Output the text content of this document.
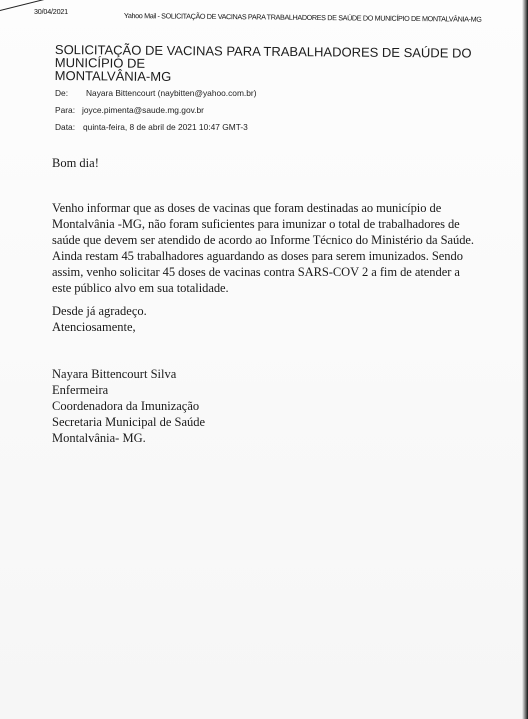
30/04/2021	Yahoo Mail - SOLICITAÇÃO DE VACINAS PARA TRABALHADORES DE SAÚDE DO MUNICÍPIO DE MONTALVÂNIA-MG
SOLICITAÇÃO DE VACINAS PARA TRABALHADORES DE SAÚDE DO MUNICÍPIO DE
MONTALVÂNIA-MG
De: Nayara Bittencourt (naybitten@yahoo.com.br)
Para: joyce.pimenta@saude.mg.gov.br
Data: quinta-feira, 8 de abril de 2021 10:47 GMT-3
Bom dia!
Venho informar que as doses de vacinas que foram destinadas ao município de
Montalvânia -MG, não foram suficientes para imunizar o total de trabalhadores de
saúde que devem ser atendido de acordo ao Informe Técnico do Ministério da Saúde.
Ainda restam 45 trabalhadores aguardando as doses para serem imunizados. Sendo
assim, venho solicitar 45 doses de vacinas contra SARS-COV 2 a fim de atender a
este público alvo em sua totalidade.
Desde já agradeço.
Atenciosamente,
Nayara Bittencourt Silva
Enfermeira
Coordenadora da Imunização
Secretaria Municipal de Saúde
Montalvânia- MG.
